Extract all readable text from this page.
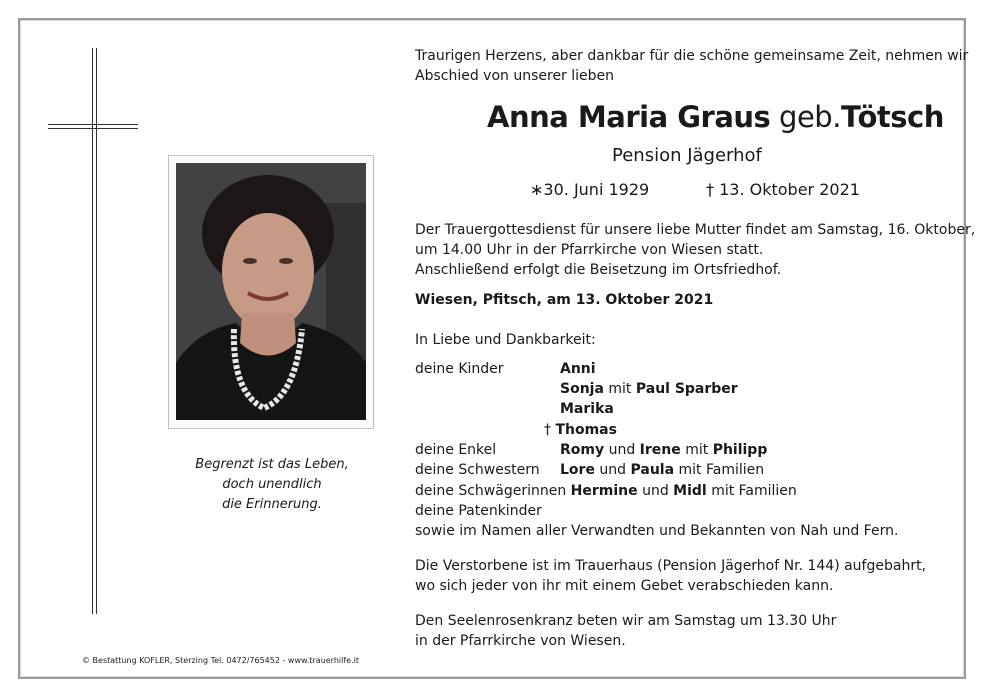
Begrenzt ist das Leben,
doch unendlich
die Erinnerung.
© Bestattung KOFLER, Sterzing Tel. 0472/765452 - www.trauerhilfe.it
Traurigen Herzens, aber dankbar für die schöne gemeinsame Zeit, nehmen wir
Abschied von unserer lieben
Anna Maria Graus geb.Tötsch
Pension Jägerhof
∗30. Juni 1929	† 13. Oktober 2021
Der Trauergottesdienst für unsere liebe Mutter findet am Samstag, 16. Oktober,
um 14.00 Uhr in der Pfarrkirche von Wiesen statt.
Anschließend erfolgt die Beisetzung im Ortsfriedhof.
Wiesen, Pfitsch, am 13. Oktober 2021
In Liebe und Dankbarkeit:
deine Kinder	Anni
Sonja mit Paul Sparber
Marika
† Thomas
deine Enkel	Romy und Irene mit Philipp
deine Schwestern Lore und Paula mit Familien
deine Schwägerinnen Hermine und Midl mit Familien
deine Patenkinder
sowie im Namen aller Verwandten und Bekannten von Nah und Fern.
Die Verstorbene ist im Trauerhaus (Pension Jägerhof Nr. 144) aufgebahrt,
wo sich jeder von ihr mit einem Gebet verabschieden kann.
Den Seelenrosenkranz beten wir am Samstag um 13.30 Uhr
in der Pfarrkirche von Wiesen.
